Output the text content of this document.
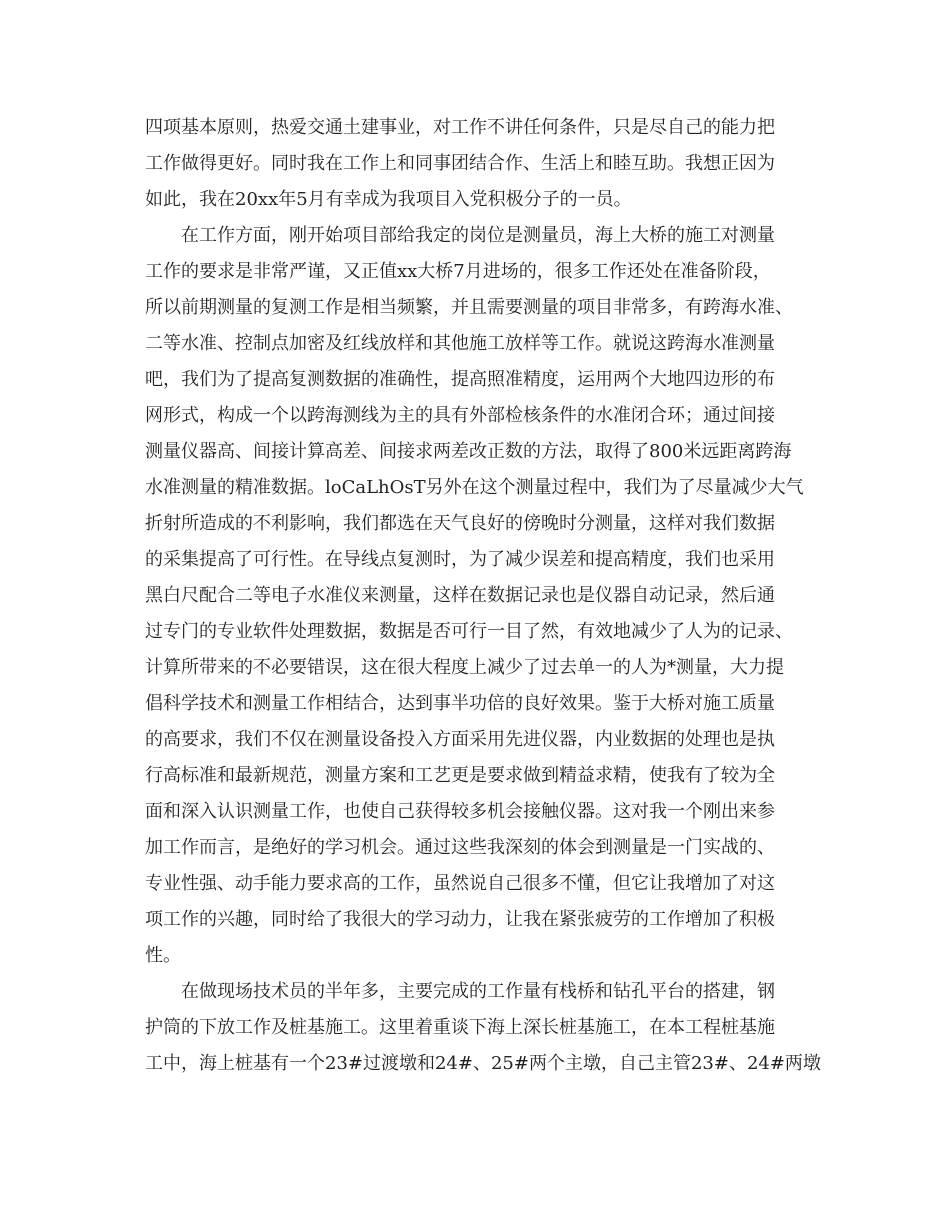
四项基本原则，热爱交通土建事业，对工作不讲任何条件，只是尽自己的能力把
工作做得更好。同时我在工作上和同事团结合作、生活上和睦互助。我想正因为
如此，我在20xx年5月有幸成为我项目入党积极分子的一员。
在工作方面，刚开始项目部给我定的岗位是测量员，海上大桥的施工对测量
工作的要求是非常严谨，又正值xx大桥7月进场的，很多工作还处在准备阶段，
所以前期测量的复测工作是相当频繁，并且需要测量的项目非常多，有跨海水准、
二等水准、控制点加密及红线放样和其他施工放样等工作。就说这跨海水准测量
吧，我们为了提高复测数据的准确性，提高照准精度，运用两个大地四边形的布
网形式，构成一个以跨海测线为主的具有外部检核条件的水准闭合环；通过间接
测量仪器高、间接计算高差、间接求两差改正数的方法，取得了800米远距离跨海
水准测量的精准数据。loCaLhOsT另外在这个测量过程中，我们为了尽量减少大气
折射所造成的不利影响，我们都选在天气良好的傍晚时分测量，这样对我们数据
的采集提高了可行性。在导线点复测时，为了减少误差和提高精度，我们也采用
黑白尺配合二等电子水准仪来测量，这样在数据记录也是仪器自动记录，然后通
过专门的专业软件处理数据，数据是否可行一目了然，有效地减少了人为的记录、
计算所带来的不必要错误，这在很大程度上减少了过去单一的人为*测量，大力提
倡科学技术和测量工作相结合，达到事半功倍的良好效果。鉴于大桥对施工质量
的高要求，我们不仅在测量设备投入方面采用先进仪器，内业数据的处理也是执
行高标准和最新规范，测量方案和工艺更是要求做到精益求精，使我有了较为全
面和深入认识测量工作，也使自己获得较多机会接触仪器。这对我一个刚出来参
加工作而言，是绝好的学习机会。通过这些我深刻的体会到测量是一门实战的、
专业性强、动手能力要求高的工作，虽然说自己很多不懂，但它让我增加了对这
项工作的兴趣，同时给了我很大的学习动力，让我在紧张疲劳的工作增加了积极
性。
在做现场技术员的半年多，主要完成的工作量有栈桥和钻孔平台的搭建，钢
护筒的下放工作及桩基施工。这里着重谈下海上深长桩基施工，在本工程桩基施
工中，海上桩基有一个23#过渡墩和24#、25#两个主墩，自己主管23#、24#两墩
